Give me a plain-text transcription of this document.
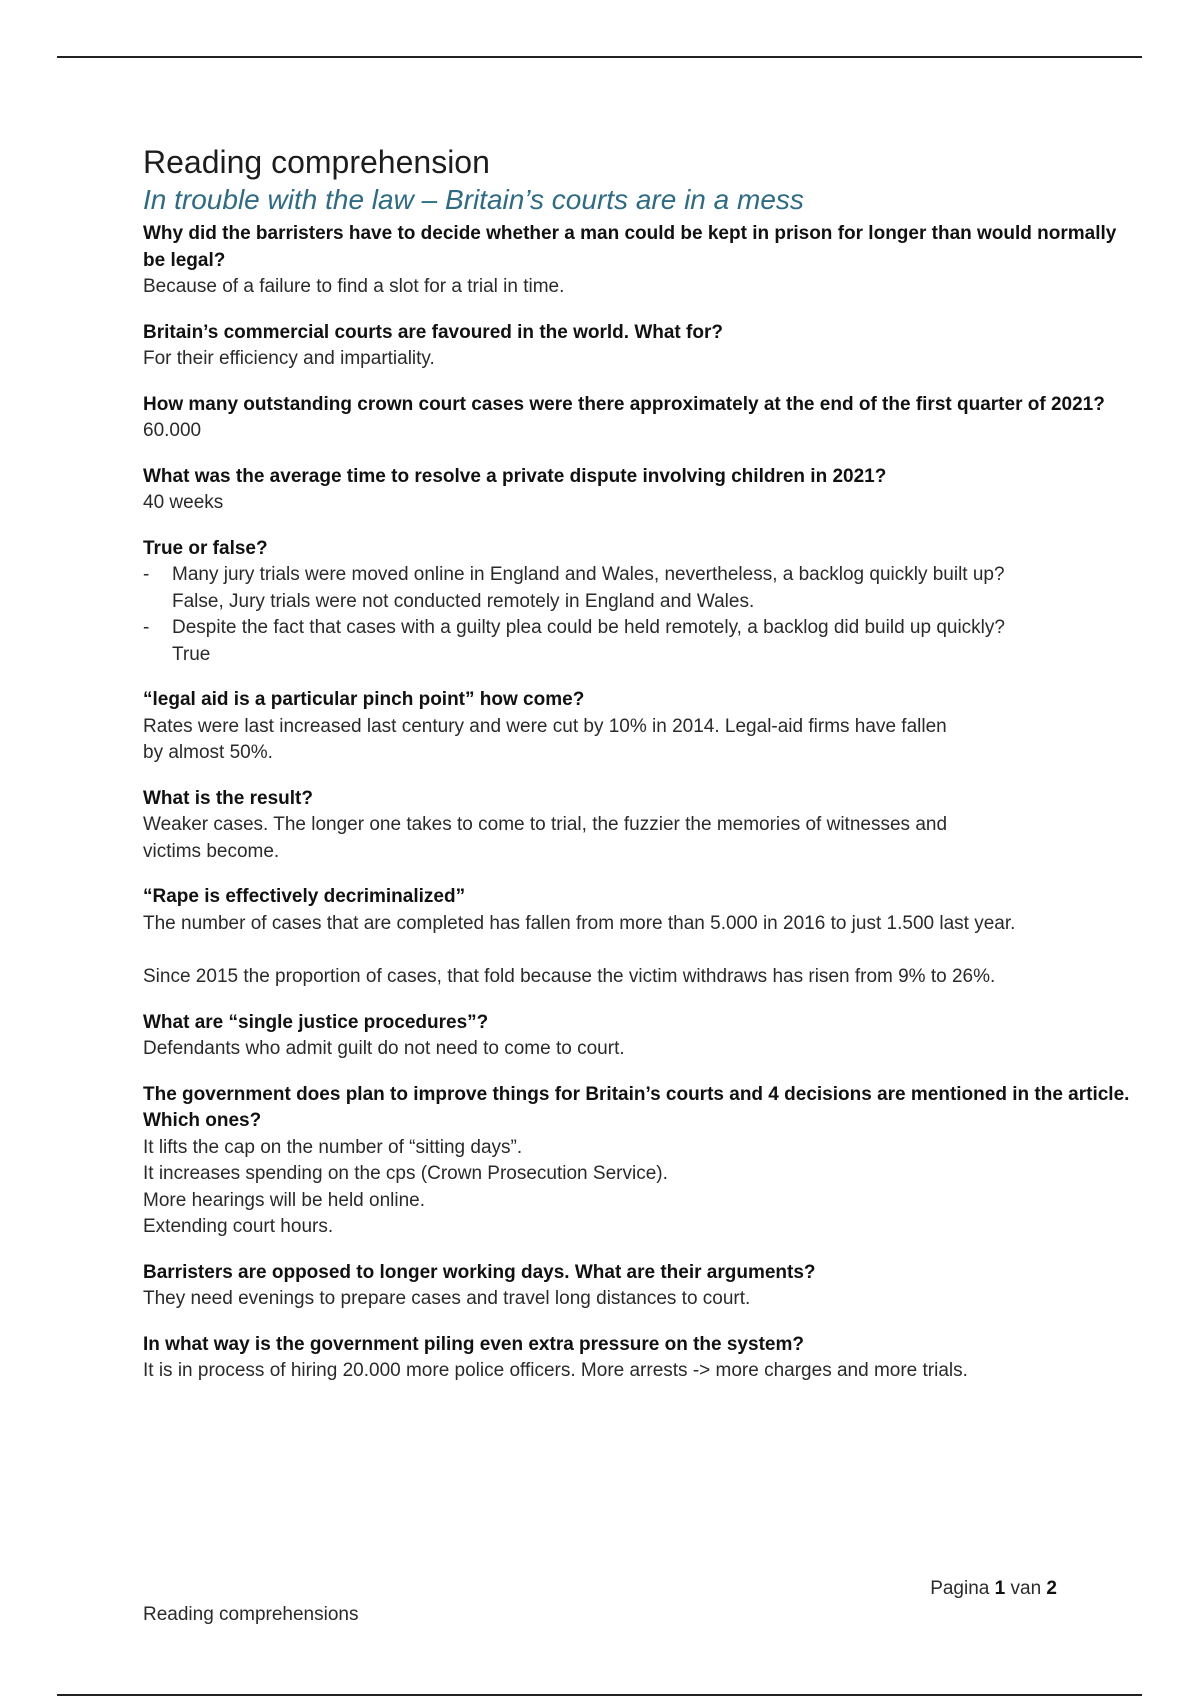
Reading comprehension
In trouble with the law – Britain’s courts are in a mess
Why did the barristers have to decide whether a man could be kept in prison for longer than would normally be legal?
Because of a failure to find a slot for a trial in time.
Britain’s commercial courts are favoured in the world. What for?
For their efficiency and impartiality.
How many outstanding crown court cases were there approximately at the end of the first quarter of 2021?
60.000
What was the average time to resolve a private dispute involving children in 2021?
40 weeks
True or false?
- Many jury trials were moved online in England and Wales, nevertheless, a backlog quickly built up?
False, Jury trials were not conducted remotely in England and Wales.
- Despite the fact that cases with a guilty plea could be held remotely, a backlog did build up quickly?
True
“legal aid is a particular pinch point” how come?
Rates were last increased last century and were cut by 10% in 2014. Legal-aid firms have fallen
by almost 50%.
What is the result?
Weaker cases. The longer one takes to come to trial, the fuzzier the memories of witnesses and
victims become.
“Rape is effectively decriminalized”
The number of cases that are completed has fallen from more than 5.000 in 2016 to just 1.500 last year.
Since 2015 the proportion of cases, that fold because the victim withdraws has risen from 9% to 26%.
What are “single justice procedures”?
Defendants who admit guilt do not need to come to court.
The government does plan to improve things for Britain’s courts and 4 decisions are mentioned in the article. Which ones?
It lifts the cap on the number of “sitting days”.
It increases spending on the cps (Crown Prosecution Service).
More hearings will be held online.
Extending court hours.
Barristers are opposed to longer working days. What are their arguments?
They need evenings to prepare cases and travel long distances to court.
In what way is the government piling even extra pressure on the system?
It is in process of hiring 20.000 more police officers. More arrests -> more charges and more trials.
Pagina 1 van 2
Reading comprehensions
